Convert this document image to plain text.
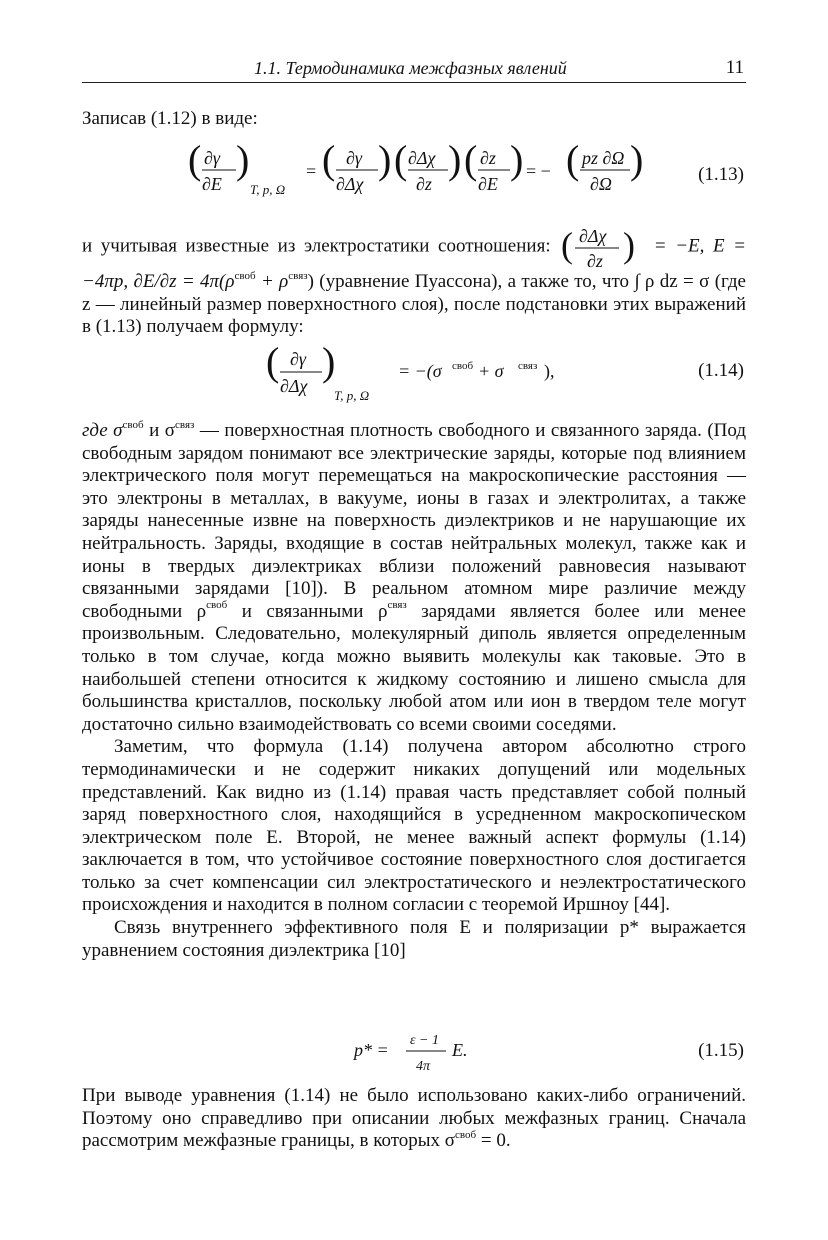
1.1. Термодинамика межфазных явлений	11

Записав (1.12) в виде:

( ∂γ
∂E
)
T, p, Ω
= ( ∂γ
∂Δχ
) ( ∂Δχ
∂z
) ( ∂z
∂E
) = − ( pz ∂Ω
∂Ω
)	(1.13)

и учитывая известные из электростатики соотношения: ( ∂Δχ
∂z ) = −E, E = −4πp, $\partial E/\partial z = 4\pi(\rho^{своб} + \rho^{связ})$ (уравнение Пуассона), а также то, что ∫ ρ dz = σ (где z — линейный размер поверхностного слоя), после подстановки этих выражений в (1.13) получаем формулу:

( ∂γ
∂Δχ
)
T, p, Ω
= −(σ своб + σ связ ),	(1.14)

где $\sigma^{своб}$ и $\sigma^{связ}$ — поверхностная плотность свободного и связанного заряда. (Под свободным зарядом понимают все электрические заряды, которые под влиянием электрического поля могут перемещаться на макроскопические расстояния — это электроны в металлах, в вакууме, ионы в газах и электролитах, а также заряды нанесенные извне на поверхность диэлектриков и не нарушающие их нейтральность. Заряды, входящие в состав нейтральных молекул, также как и ионы в твердых диэлектриках вблизи положений равновесия называют связанными зарядами [10]). В реальном атомном мире различие между свободными $\rho^{своб}$ и связанными $\rho^{связ}$ зарядами является более или менее произвольным. Следовательно, молекулярный диполь является определенным только в том случае, когда можно выявить молекулы как таковые. Это в наибольшей степени относится к жидкому состоянию и лишено смысла для большинства кристаллов, поскольку любой атом или ион в твердом теле могут достаточно сильно взаимодействовать со всеми своими соседями.

Заметим, что формула (1.14) получена автором абсолютно строго термодинамически и не содержит никаких допущений или модельных представлений. Как видно из (1.14) правая часть представляет собой полный заряд поверхностного слоя, находящийся в усредненном макроскопическом электрическом поле E. Второй, не менее важный аспект формулы (1.14) заключается в том, что устойчивое состояние поверхностного слоя достигается только за счет компенсации сил электростатического и неэлектростатического происхождения и находится в полном согласии с теоремой Иршноу [44].

Связь внутреннего эффективного поля E и поляризации p* выражается уравнением состояния диэлектрика [10]

p* = ε − 1
4π
E.	(1.15)

При выводе уравнения (1.14) не было использовано каких-либо ограничений. Поэтому оно справедливо при описании любых межфазных границ. Сначала рассмотрим межфазные границы, в которых $\sigma^{своб} = 0$.
